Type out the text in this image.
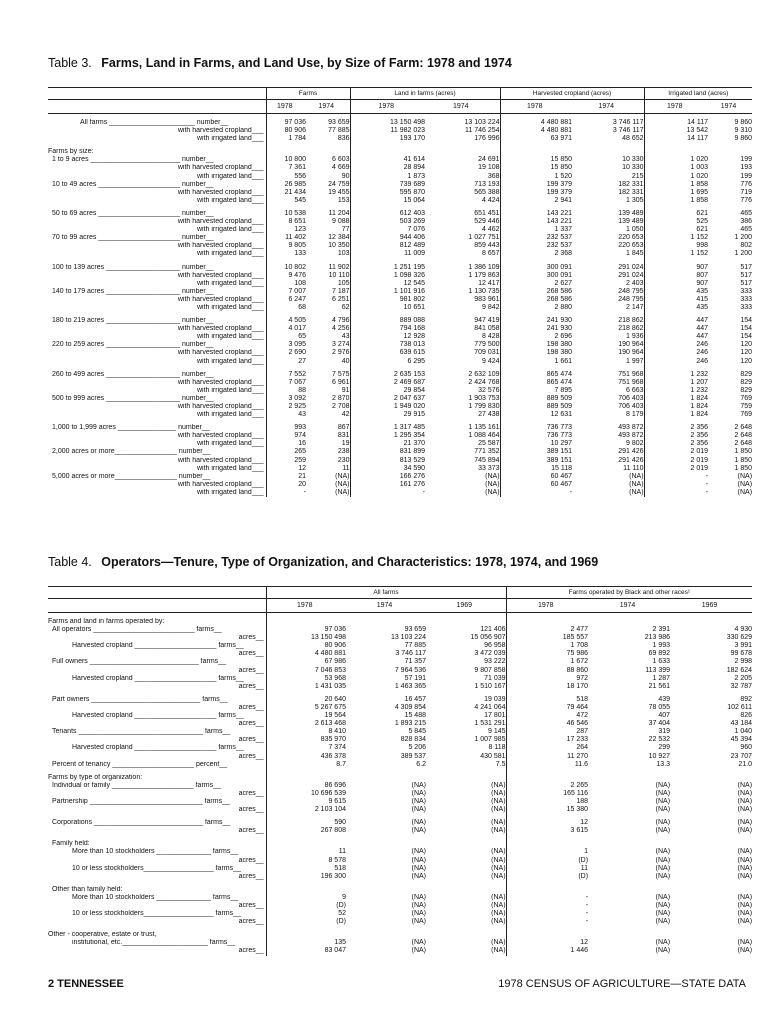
Table 3. Farms, Land in Farms, and Land Use, by Size of Farm: 1978 and 1974
	Farms		Land in farms (acres)		Harvested cropland (acres)		Irrigated land (acres)	
	1978	1974	1978	1974	1978	1974	1978	1974

All farms ______________________ number__	97 036	93 659	13 150 498	13 103 224	4 480 881	3 746 117	14 117	9 860
with harvested cropland___	80 906	77 885	11 982 023	11 746 254	4 480 881	3 746 117	13 542	9 310
with irrigated land___	1 784	836	193 170	176 996	63 971	48 652	14 117	9 860

Farms by size:								
1 to 9 acres _______________________ number__	10 800	6 603	41 614	24 691	15 850	10 330	1 020	199
with harvested cropland___	7 361	4 669	28 894	19 108	15 850	10 330	1 003	193
with irrigated land___	556	90	1 873	368	1 520	215	1 020	199
10 to 49 acres _____________________ number__	26 985	24 759	739 689	713 193	199 379	182 331	1 858	776
with harvested cropland___	21 434	19 455	595 870	565 388	199 379	182 331	1 695	719
with irrigated land___	545	153	15 064	4 424	2 941	1 305	1 858	776

50 to 69 acres _____________________ number__	10 538	11 204	612 403	651 451	143 221	139 489	621	465
with harvested cropland___	8 651	9 088	503 269	529 446	143 221	139 489	525	386
with irrigated land___	123	77	7 076	4 462	1 337	1 050	621	465
70 to 99 acres _____________________ number__	11 402	12 384	944 406	1 027 751	232 537	220 653	1 152	1 200
with harvested cropland___	9 805	10 350	812 489	859 443	232 537	220 653	998	802
with irrigated land___	133	103	11 009	8 657	2 368	1 845	1 152	1 200

100 to 139 acres ___________________ number__	10 802	11 902	1 251 195	1 386 109	300 091	291 024	907	517
with harvested cropland___	9 476	10 110	1 098 326	1 179 863	300 091	291 024	807	517
with irrigated land___	108	105	12 545	12 417	2 627	2 403	907	517
140 to 179 acres ___________________ number__	7 007	7 187	1 101 916	1 130 735	268 586	248 795	435	333
with harvested cropland___	6 247	6 251	981 802	983 961	268 586	248 795	415	333
with irrigated land___	68	62	10 651	9 842	2 880	2 147	435	333

180 to 219 acres ___________________ number__	4 505	4 796	889 088	947 419	241 930	218 862	447	154
with harvested cropland___	4 017	4 256	794 168	841 058	241 930	218 862	447	154
with irrigated land___	65	43	12 928	8 428	2 696	1 936	447	154
220 to 259 acres ___________________ number__	3 095	3 274	738 013	779 500	198 380	190 964	246	120
with harvested cropland___	2 690	2 976	639 615	709 031	198 380	190 964	246	120
with irrigated land___	27	40	6 295	9 424	1 661	1 997	246	120

260 to 499 acres ___________________ number__	7 552	7 575	2 635 153	2 632 109	865 474	751 968	1 232	829
with harvested cropland___	7 067	6 961	2 469 687	2 424 768	865 474	751 968	1 207	829
with irrigated land___	88	91	29 854	32 576	7 895	6 663	1 232	829
500 to 999 acres ___________________ number__	3 092	2 870	2 047 637	1 903 753	889 509	706 403	1 824	769
with harvested cropland___	2 925	2 708	1 949 020	1 799 830	889 509	706 403	1 824	759
with irrigated land___	43	42	29 915	27 438	12 631	8 179	1 824	769

1,000 to 1,999 acres _______________ number__	993	867	1 317 485	1 135 161	736 773	493 872	2 356	2 648
with harvested cropland___	974	831	1 295 354	1 088 464	736 773	493 872	2 356	2 648
with irrigated land___	16	19	21 370	25 587	10 297	9 802	2 356	2 648
2,000 acres or more________________ number__	265	238	831 899	771 352	389 151	291 426	2 019	1 850
with harvested cropland___	259	230	813 529	745 894	389 151	291 426	2 019	1 850
with irrigated land___	12	11	34 590	33 373	15 118	11 110	2 019	1 850
5,000 acres or more________________ number__	21	(NA)	166 276	(NA)	60 467	(NA)	-	(NA)
with harvested cropland___	20	(NA)	161 276	(NA)	60 467	(NA)	-	(NA)
with irrigated land___	-	(NA)	-	(NA)	-	(NA)	-	(NA)
Table 4. Operators—Tenure, Type of Organization, and Characteristics: 1978, 1974, and 1969
	All farms			Farms operated by Black and other races¹		
	1978	1974	1969	1978	1974	1969

Farms and land in farms operated by:						
All operators __________________________ farms__	97 036	93 659	121 406	2 477	2 391	4 930
acres__	13 150 498	13 103 224	15 056 907	185 557	213 986	330 629
Harvested cropland _____________________ farms__	80 906	77 885	96 958	1 708	1 993	3 991
acres__	4 480 881	3 746 117	3 472 039	75 986	69 892	99 678
Full owners ____________________________ farms__	67 986	71 357	93 222	1 672	1 633	2 998
acres__	7 046 853	7 964 536	9 807 858	88 860	113 399	182 624
Harvested cropland _____________________ farms__	53 968	57 191	71 039	972	1 287	2 205
acres__	1 431 035	1 463 365	1 510 167	18 170	21 561	32 787

Part owners ____________________________ farms__	20 640	16 457	19 039	518	439	892
acres__	5 267 675	4 309 854	4 241 064	79 464	78 055	102 611
Harvested cropland _____________________ farms__	19 564	15 488	17 801	472	407	826
acres__	2 613 468	1 893 215	1 531 291	46 546	37 404	43 184
Tenants ________________________________ farms__	8 410	5 845	9 145	287	319	1 040
acres__	835 970	828 834	1 007 985	17 233	22 532	45 394
Harvested cropland _____________________ farms__	7 374	5 206	8 118	264	299	960
acres__	436 378	389 537	430 581	11 270	10 927	23 707
Percent of tenancy _____________________ percent__	8.7	6.2	7.5	11.6	13.3	21.0

Farms by type of organization:						
Individual or family _____________________ farms__	86 696	(NA)	(NA)	2 265	(NA)	(NA)
acres__	10 696 539	(NA)	(NA)	165 116	(NA)	(NA)
Partnership _____________________________ farms__	9 615	(NA)	(NA)	188	(NA)	(NA)
acres__	2 103 104	(NA)	(NA)	15 380	(NA)	(NA)

Corporations ____________________________ farms__	590	(NA)	(NA)	12	(NA)	(NA)
acres__	267 808	(NA)	(NA)	3 615	(NA)	(NA)

Family held:						
More than 10 stockholders ______________ farms__	11	(NA)	(NA)	1	(NA)	(NA)
acres__	8 578	(NA)	(NA)	(D)	(NA)	(NA)
10 or less stockholders__________________ farms__	518	(NA)	(NA)	11	(NA)	(NA)
acres__	196 300	(NA)	(NA)	(D)	(NA)	(NA)

Other than family held:						
More than 10 stockholders ______________ farms__	9	(NA)	(NA)	-	(NA)	(NA)
acres__	(D)	(NA)	(NA)	-	(NA)	(NA)
10 or less stockholders__________________ farms__	52	(NA)	(NA)	-	(NA)	(NA)
acres__	(D)	(NA)	(NA)	-	(NA)	(NA)

Other - cooperative, estate or trust,						
institutional, etc.______________________ farms__	135	(NA)	(NA)	12	(NA)	(NA)
acres__	83 047	(NA)	(NA)	1 446	(NA)	(NA)
2 TENNESSEE	1978 CENSUS OF AGRICULTURE—STATE DATA
